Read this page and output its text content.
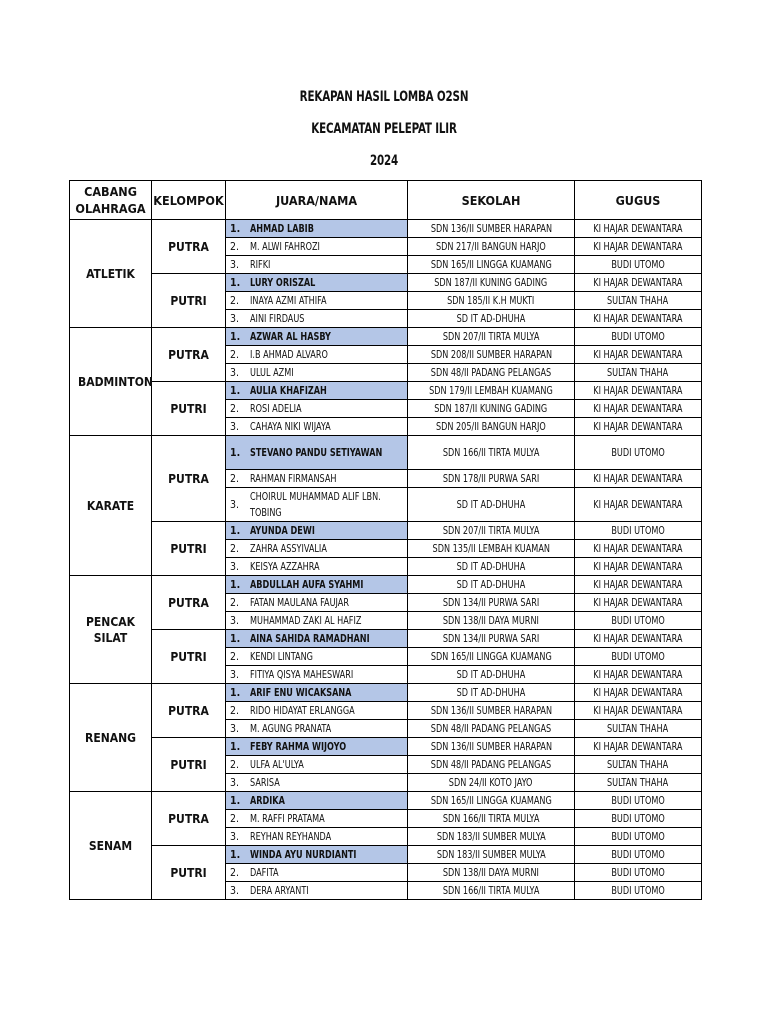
REKAPAN HASIL LOMBA O2SN
KECAMATAN PELEPAT ILIR
2024
CABANG OLAHRAGA	KELOMPOK	JUARA/NAMA		SEKOLAH	GUGUS
ATLETIK	PUTRA	1.	AHMAD LABIB	SDN 136/II SUMBER HARAPAN	KI HAJAR DEWANTARA
		2.	M. ALWI FAHROZI	SDN 217/II BANGUN HARJO	KI HAJAR DEWANTARA
		3.	RIFKI	SDN 165/II LINGGA KUAMANG	BUDI UTOMO
	PUTRI	1.	LURY ORISZAL	SDN 187/II KUNING GADING	KI HAJAR DEWANTARA
		2.	INAYA AZMI ATHIFA	SDN 185/II K.H MUKTI	SULTAN THAHA
		3.	AINI FIRDAUS	SD IT AD-DHUHA	KI HAJAR DEWANTARA
BADMINTON	PUTRA	1.	AZWAR AL HASBY	SDN 207/II TIRTA MULYA	BUDI UTOMO
		2.	I.B AHMAD ALVARO	SDN 208/II SUMBER HARAPAN	KI HAJAR DEWANTARA
		3.	ULUL AZMI	SDN 48/II PADANG PELANGAS	SULTAN THAHA
	PUTRI	1.	AULIA KHAFIZAH	SDN 179/II LEMBAH KUAMANG	KI HAJAR DEWANTARA
		2.	ROSI ADELIA	SDN 187/II KUNING GADING	KI HAJAR DEWANTARA
		3.	CAHAYA NIKI WIJAYA	SDN 205/II BANGUN HARJO	KI HAJAR DEWANTARA
KARATE	PUTRA	1.	STEVANO PANDU SETIYAWAN	SDN 166/II TIRTA MULYA	BUDI UTOMO
		2.	RAHMAN FIRMANSAH	SDN 178/II PURWA SARI	KI HAJAR DEWANTARA
		3.	CHOIRUL MUHAMMAD ALIF LBN. TOBING	SD IT AD-DHUHA	KI HAJAR DEWANTARA
	PUTRI	1.	AYUNDA DEWI	SDN 207/II TIRTA MULYA	BUDI UTOMO
		2.	ZAHRA ASSYIVALIA	SDN 135/II LEMBAH KUAMAN	KI HAJAR DEWANTARA
		3.	KEISYA AZZAHRA	SD IT AD-DHUHA	KI HAJAR DEWANTARA
PENCAK SILAT	PUTRA	1.	ABDULLAH AUFA SYAHMI	SD IT AD-DHUHA	KI HAJAR DEWANTARA
		2.	FATAN MAULANA FAUJAR	SDN 134/II PURWA SARI	KI HAJAR DEWANTARA
		3.	MUHAMMAD ZAKI AL HAFIZ	SDN 138/II DAYA MURNI	BUDI UTOMO
	PUTRI	1.	AINA SAHIDA RAMADHANI	SDN 134/II PURWA SARI	KI HAJAR DEWANTARA
		2.	KENDI LINTANG	SDN 165/II LINGGA KUAMANG	BUDI UTOMO
		3.	FITIYA QISYA MAHESWARI	SD IT AD-DHUHA	KI HAJAR DEWANTARA
RENANG	PUTRA	1.	ARIF ENU WICAKSANA	SD IT AD-DHUHA	KI HAJAR DEWANTARA
		2.	RIDO HIDAYAT ERLANGGA	SDN 136/II SUMBER HARAPAN	KI HAJAR DEWANTARA
		3.	M. AGUNG PRANATA	SDN 48/II PADANG PELANGAS	SULTAN THAHA
	PUTRI	1.	FEBY RAHMA WIJOYO	SDN 136/II SUMBER HARAPAN	KI HAJAR DEWANTARA
		2.	ULFA AL'ULYA	SDN 48/II PADANG PELANGAS	SULTAN THAHA
		3.	SARISA	SDN 24/II KOTO JAYO	SULTAN THAHA
SENAM	PUTRA	1.	ARDIKA	SDN 165/II LINGGA KUAMANG	BUDI UTOMO
		2.	M. RAFFI PRATAMA	SDN 166/II TIRTA MULYA	BUDI UTOMO
		3.	REYHAN REYHANDA	SDN 183/II SUMBER MULYA	BUDI UTOMO
	PUTRI	1.	WINDA AYU NURDIANTI	SDN 183/II SUMBER MULYA	BUDI UTOMO
		2.	DAFITA	SDN 138/II DAYA MURNI	BUDI UTOMO
		3.	DERA ARYANTI	SDN 166/II TIRTA MULYA	BUDI UTOMO
